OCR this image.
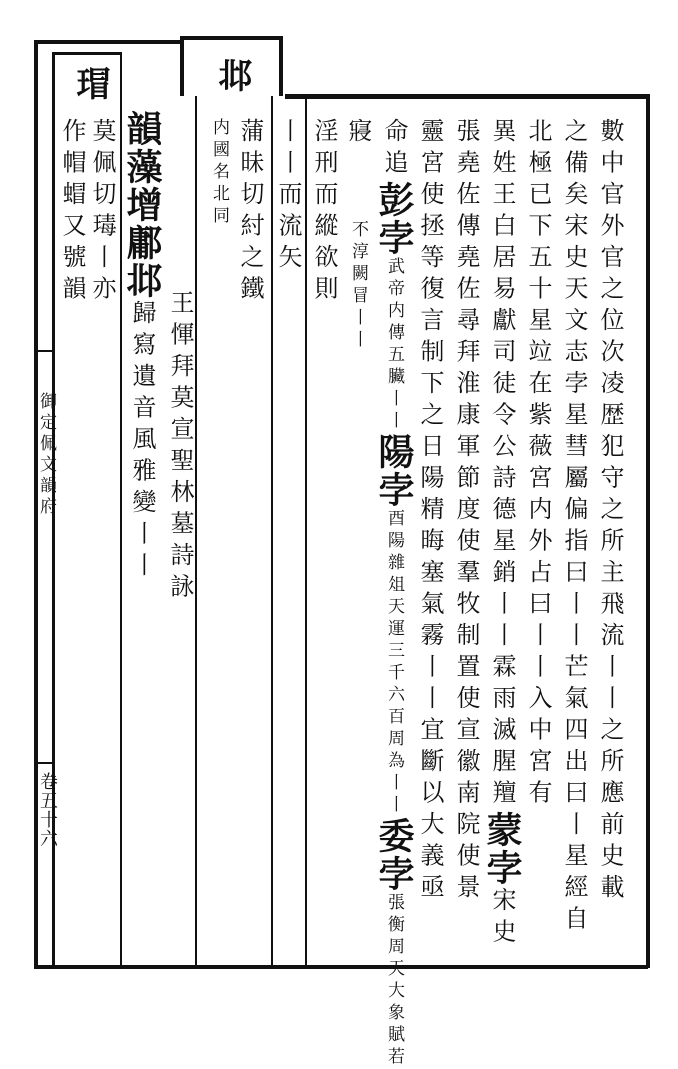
邶
瑁
數中官外官之位次凌歴犯守之所主飛流丨丨之所應前史載
之備矣宋史天文志孛星彗屬偏指曰丨丨芒氣四出曰丨星經自
北極已下五十星竝在紫薇宮内外占曰丨丨入中宮有
異姓王白居易獻司徒令公詩德星銷丨丨霖雨滅腥羶蒙孛宋史
張堯佐傳堯佐尋拜淮康軍節度使羣牧制置使宣徽南院使景
靈宮使拯等復言制下之日陽精晦塞氣霧丨丨宜斷以大義亟
命追彭孛武帝内傳五臟丨丨陽孛酉陽雜俎天運三千六百周為丨丨委孛張衡周天大象賦若
寢不淳闕冒丨丨
淫刑而縱欲則
丨丨而流矢
蒲昧切紂之鐵
内國名北同
王惲拜莫宣聖林墓詩詠
韻藻增鄘邶歸寫遺音風雅變丨丨
莫佩切瑇丨亦
作帽蝐又號韻
御定佩文韻府
卷五十六
